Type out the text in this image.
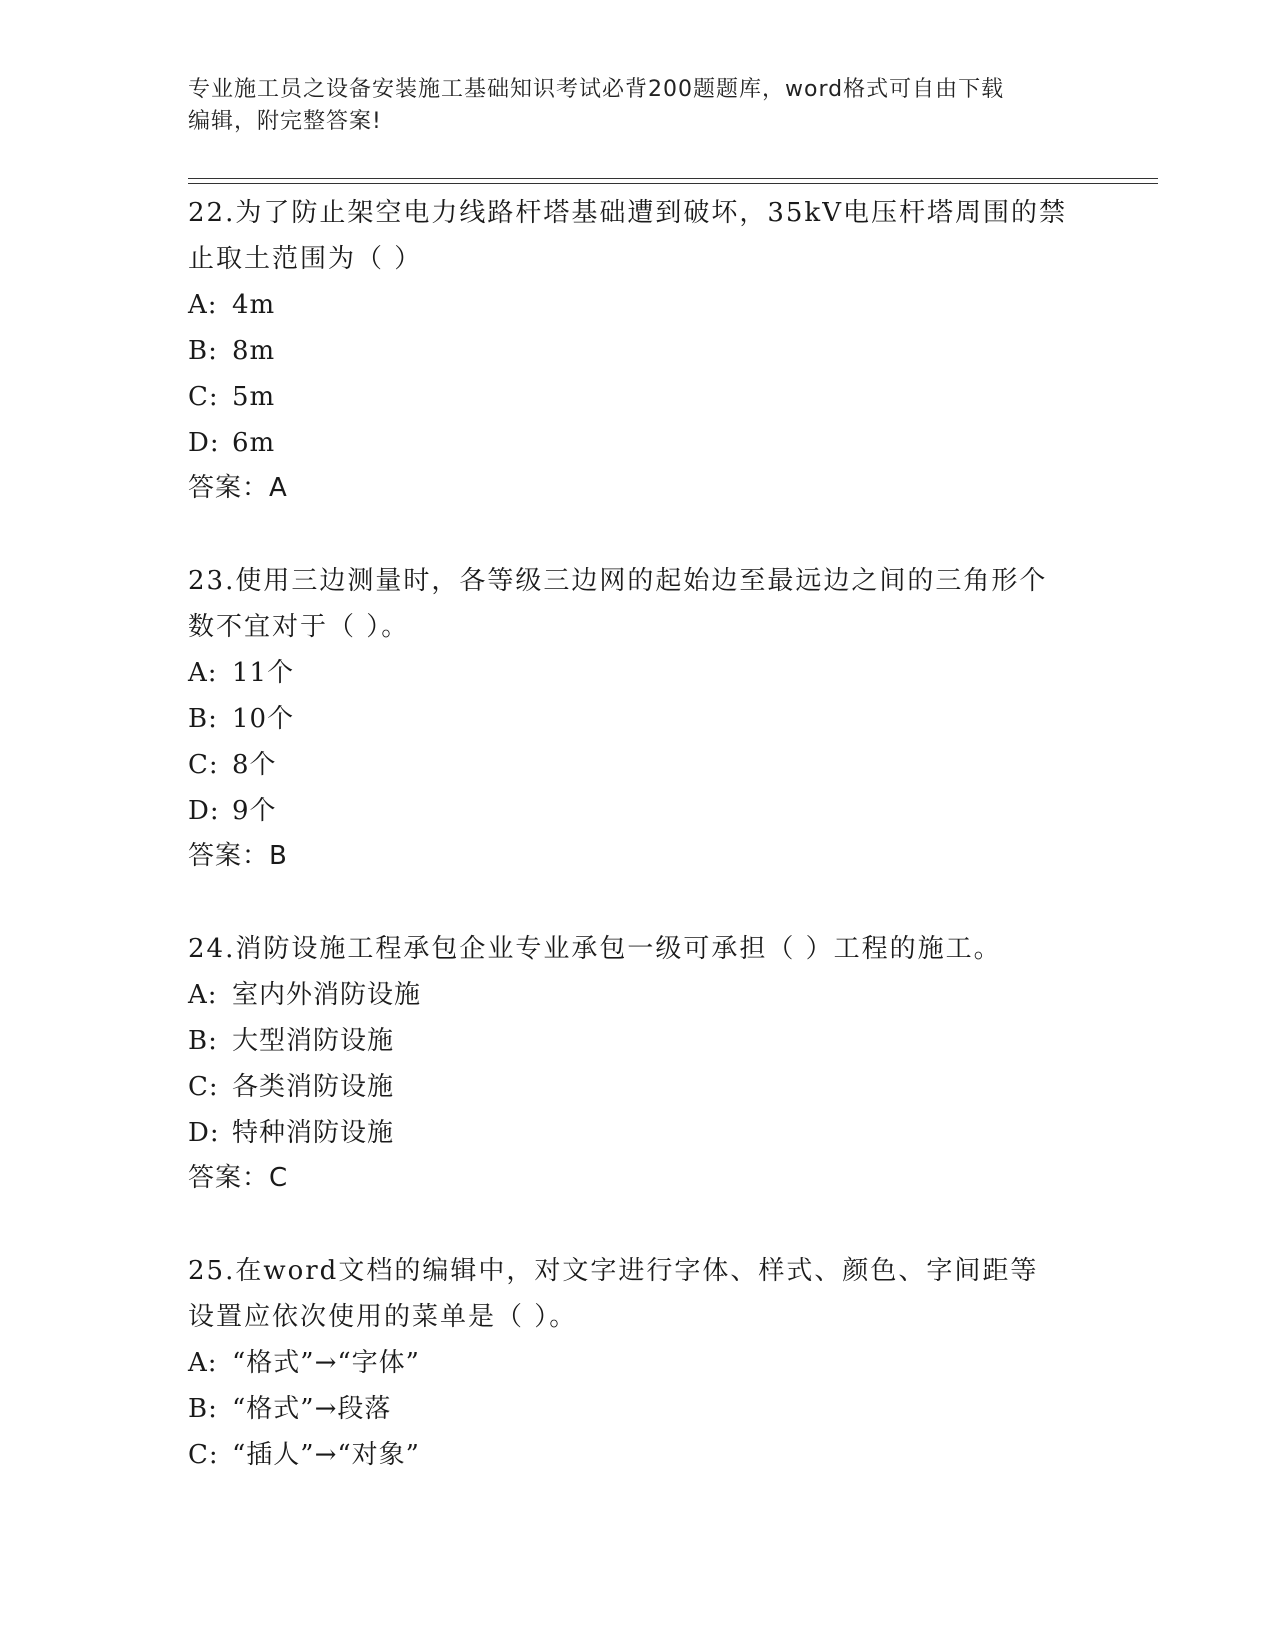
专业施工员之设备安装施工基础知识考试必背200题题库，word格式可自由下载
编辑，附完整答案!

22.为了防止架空电力线路杆塔基础遭到破坏，35kV电压杆塔周围的禁
止取土范围为（ ）

A: 4m

B: 8m

C: 5m

D: 6m

答案：A

23.使用三边测量时，各等级三边网的起始边至最远边之间的三角形个
数不宜对于（ ）。

A: 11个

B: 10个

C: 8个

D: 9个

答案：B

24.消防设施工程承包企业专业承包一级可承担（ ）工程的施工。

A: 室内外消防设施

B: 大型消防设施

C: 各类消防设施

D: 特种消防设施

答案：C

25.在word文档的编辑中，对文字进行字体、样式、颜色、字间距等
设置应依次使用的菜单是（ ）。

A: “格式”→“字体”

B: “格式”→段落

C: “插人”→“对象”
